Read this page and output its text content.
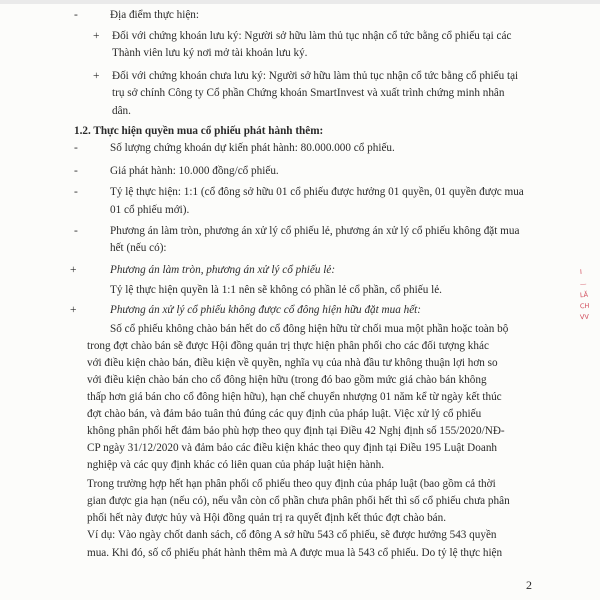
-
+
+
-
-
-
-
+
+
Địa điểm thực hiện:
Đối với chứng khoán lưu ký: Người sở hữu làm thủ tục nhận cổ tức bằng cổ phiếu tại các
Thành viên lưu ký nơi mở tài khoản lưu ký.
Đối với chứng khoán chưa lưu ký: Người sở hữu làm thủ tục nhận cổ tức bằng cổ phiếu tại
trụ sở chính Công ty Cổ phần Chứng khoán SmartInvest và xuất trình chứng minh nhân
dân.
1.2. Thực hiện quyền mua cổ phiếu phát hành thêm:
Số lượng chứng khoán dự kiến phát hành: 80.000.000 cổ phiếu.
Giá phát hành: 10.000 đồng/cổ phiếu.
Tỷ lệ thực hiện: 1:1 (cổ đông sở hữu 01 cổ phiếu được hưởng 01 quyền, 01 quyền được mua
01 cổ phiếu mới).
Phương án làm tròn, phương án xử lý cổ phiếu lẻ, phương án xử lý cổ phiếu không đặt mua
hết (nếu có):
Phương án làm tròn, phương án xử lý cổ phiếu lẻ:
Tỷ lệ thực hiện quyền là 1:1 nên sẽ không có phần lẻ cổ phần, cổ phiếu lẻ.
Phương án xử lý cổ phiếu không được cổ đông hiện hữu đặt mua hết:
Số cổ phiếu không chào bán hết do cổ đông hiện hữu từ chối mua một phần hoặc toàn bộ
trong đợt chào bán sẽ được Hội đồng quản trị thực hiện phân phối cho các đối tượng khác
với điều kiện chào bán, điều kiện về quyền, nghĩa vụ của nhà đầu tư không thuận lợi hơn so
với điều kiện chào bán cho cổ đông hiện hữu (trong đó bao gồm mức giá chào bán không
thấp hơn giá bán cho cổ đông hiện hữu), hạn chế chuyển nhượng 01 năm kể từ ngày kết thúc
đợt chào bán, và đảm bảo tuân thủ đúng các quy định của pháp luật. Việc xử lý cổ phiếu
không phân phối hết đảm bảo phù hợp theo quy định tại Điều 42 Nghị định số 155/2020/NĐ-
CP ngày 31/12/2020 và đảm bảo các điều kiện khác theo quy định tại Điều 195 Luật Doanh
nghiệp và các quy định khác có liên quan của pháp luật hiện hành.
Trong trường hợp hết hạn phân phối cổ phiếu theo quy định của pháp luật (bao gồm cả thời
gian được gia hạn (nếu có), nếu vẫn còn cổ phần chưa phân phối hết thì số cổ phiếu chưa phân
phối hết này được hủy và Hội đồng quản trị ra quyết định kết thúc đợt chào bán.
Ví dụ: Vào ngày chốt danh sách, cổ đông A sở hữu 543 cổ phiếu, sẽ được hưởng 543 quyền
mua. Khi đó, số cổ phiếu phát hành thêm mà A được mua là 543 cổ phiếu. Do tỷ lệ thực hiện
I
—
LĂ
CH
VV
2
